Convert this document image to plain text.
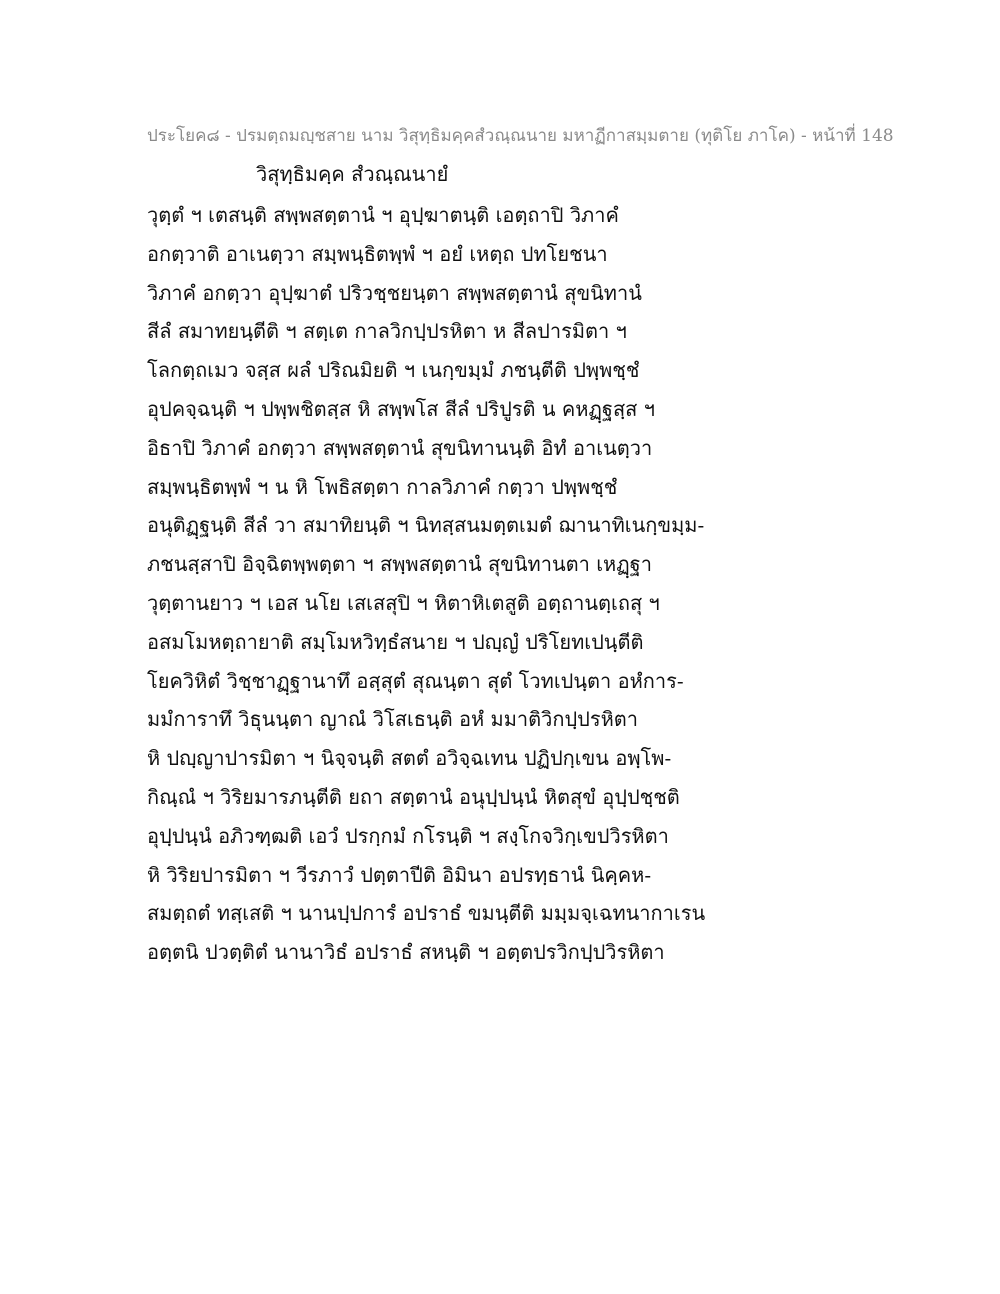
ประโยค๘ - ปรมตฺถมญฺชสาย นาม วิสุทฺธิมคฺคสํวณฺณนาย มหาฏีกาสมฺมตาย (ทุติโย ภาโค) - หน้าที่ 148
วิสุทฺธิมคฺค สํวณฺณนายํ
วุตฺตํ ฯ เตสนฺติ สพฺพสตฺตานํ ฯ อุปฺฆาตนฺติ เอตฺถาปิ วิภาคํ
อกตฺวาติ อาเนตฺวา สมฺพนฺธิตพฺพํ ฯ อยํ เหตฺถ ปทโยชนา
วิภาคํ อกตฺวา อุปฺฆาตํ ปริวชฺชยนฺตา สพฺพสตฺตานํ สุขนิทานํ
สีลํ สมาทยนฺตีติ ฯ สตฺเต กาลวิกปฺปรหิตา ห สีลปารมิตา ฯ
โลกตฺถเมว จสฺส ผลํ ปริณมิยติ ฯ เนกฺขมฺมํ ภชนฺตีติ ปพฺพชฺชํ
อุปคจฺฉนฺติ ฯ ปพฺพชิตสฺส หิ สพฺพโส สีลํ ปริปูรติ น คหฏฺฐสฺส ฯ
อิธาปิ วิภาคํ อกตฺวา สพฺพสตฺตานํ สุขนิทานนฺติ อิทํ อาเนตฺวา
สมฺพนฺธิตพฺพํ ฯ น หิ โพธิสตฺตา กาลวิภาคํ กตฺวา ปพฺพชฺชํ
อนุติฏฺฐนฺติ สีลํ วา สมาทิยนฺติ ฯ นิทสฺสนมตฺตเมตํ ฌานาทิเนกฺขมฺม-
ภชนสฺสาปิ อิจฺฉิตพฺพตฺตา ฯ สพฺพสตฺตานํ สุขนิทานตา เหฏฺฐา
วุตฺตานยาว ฯ เอส นโย เสเสสุปิ ฯ หิตาหิเตสูติ อตฺถานตฺเถสุ ฯ
อสมโมหตฺถายาติ สมฺโมหวิทฺธํสนาย ฯ ปญฺญํ ปริโยทเปนฺตีติ
โยควิหิตํ วิชฺชาฏฺฐานาทึ อสฺสุตํ สุณนฺตา สุตํ โวทเปนฺตา อหํการ-
มมํการาทึ วิธุนนฺตา ญาณํ วิโสเธนฺติ อหํ มมาติวิกปฺปรหิตา
หิ ปญฺญาปารมิตา ฯ นิจฺจนฺติ สตตํ อวิจฺฉเทน ปฏิปกฺเขน อพฺโพ-
กิณฺณํ ฯ วิริยมารภนฺตีติ ยถา สตฺตานํ อนุปฺปนฺนํ หิตสุขํ อุปฺปชฺชติ
อุปฺปนฺนํ อภิวฑฺฒติ เอวํ ปรกฺกมํ กโรนฺติ ฯ สงฺโกจวิกฺเขปวิรหิตา
หิ วิริยปารมิตา ฯ วีรภาวํ ปตฺตาปีติ อิมินา อปรทฺธานํ นิคฺคห-
สมตฺถตํ ทสฺเสติ ฯ นานปฺปการํ อปราธํ ขมนฺตีติ มมฺมจฺเฉทนากาเรน
อตฺตนิ ปวตฺติตํ นานาวิธํ อปราธํ สหนฺติ ฯ อตฺตปรวิกปฺปวิรหิตา
